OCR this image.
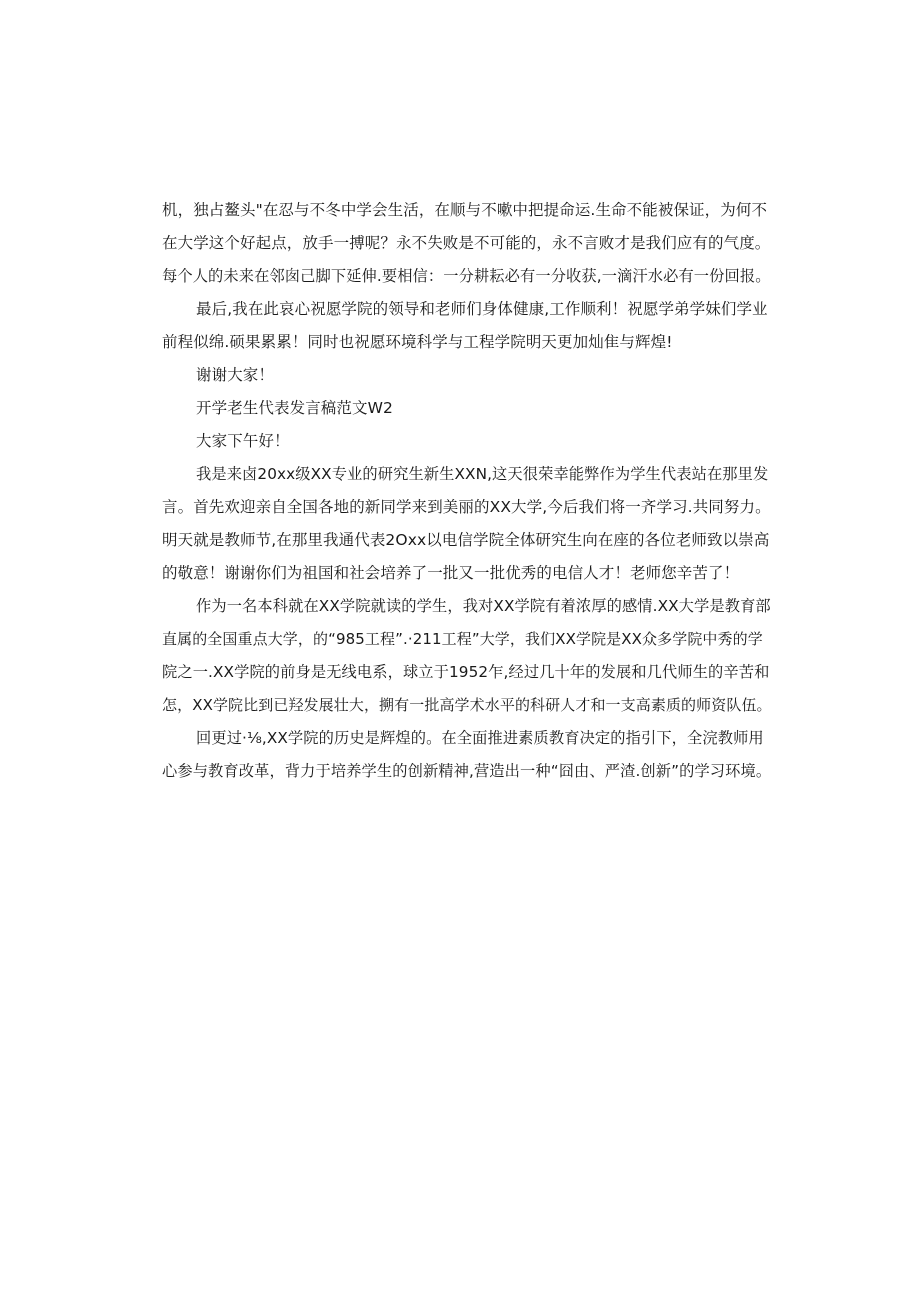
机，独占鳌头"在忍与不冬中学会生活，在顺与不嗽中把提命运.生命不能被保证，为何不
在大学这个好起点，放手一搏呢？永不失败是不可能的，永不言败才是我们应有的气度。
每个人的未来在邻囱己脚下延伸.要相信：一分耕耘必有一分收获,一滴汗水必有一份回报。
最后,我在此哀心祝愿学院的领导和老师们身体健康,工作顺利！祝愿学弟学妹们学业
前程似绵.硕果累累！同时也祝愿环境科学与工程学院明天更加灿隹与辉煌!
谢谢大家！
开学老生代表发言稿范文W2
大家下午好！
我是来卤20xx级XX专业的研究生新生XXN,这天很荣幸能弊作为学生代表站在那里发
言。首先欢迎亲自全国各地的新同学来到美丽的XX大学,今后我们将一齐学习.共同努力。
明天就是教师节,在那里我通代表2Oxx以电信学院全体研究生向在座的各位老师致以崇高
的敬意！谢谢你们为祖国和社会培养了一批又一批优秀的电信人才！老师您辛苦了！
作为一名本科就在XX学院就读的学生，我对XX学院有着浓厚的感情.XX大学是教育部
直属的全国重点大学，的“985工程”.·211工程”大学，我们XX学院是XX众多学院中秀的学
院之一.XX学院的前身是无线电系，球立于1952乍,经过几十年的发展和几代师生的辛苦和
怎，XX学院比到已羟发展壮大，搠有一批高学术水平的科研人才和一支高素质的师资队伍。
回更过·⅛,XX学院的历史是辉煌的。在全面推进素质教育决定的指引下，全浣教师用
心参与教育改革，背力于培养学生的创新精神,营造出一种“囧由、严渣.创新”的学习环境。
